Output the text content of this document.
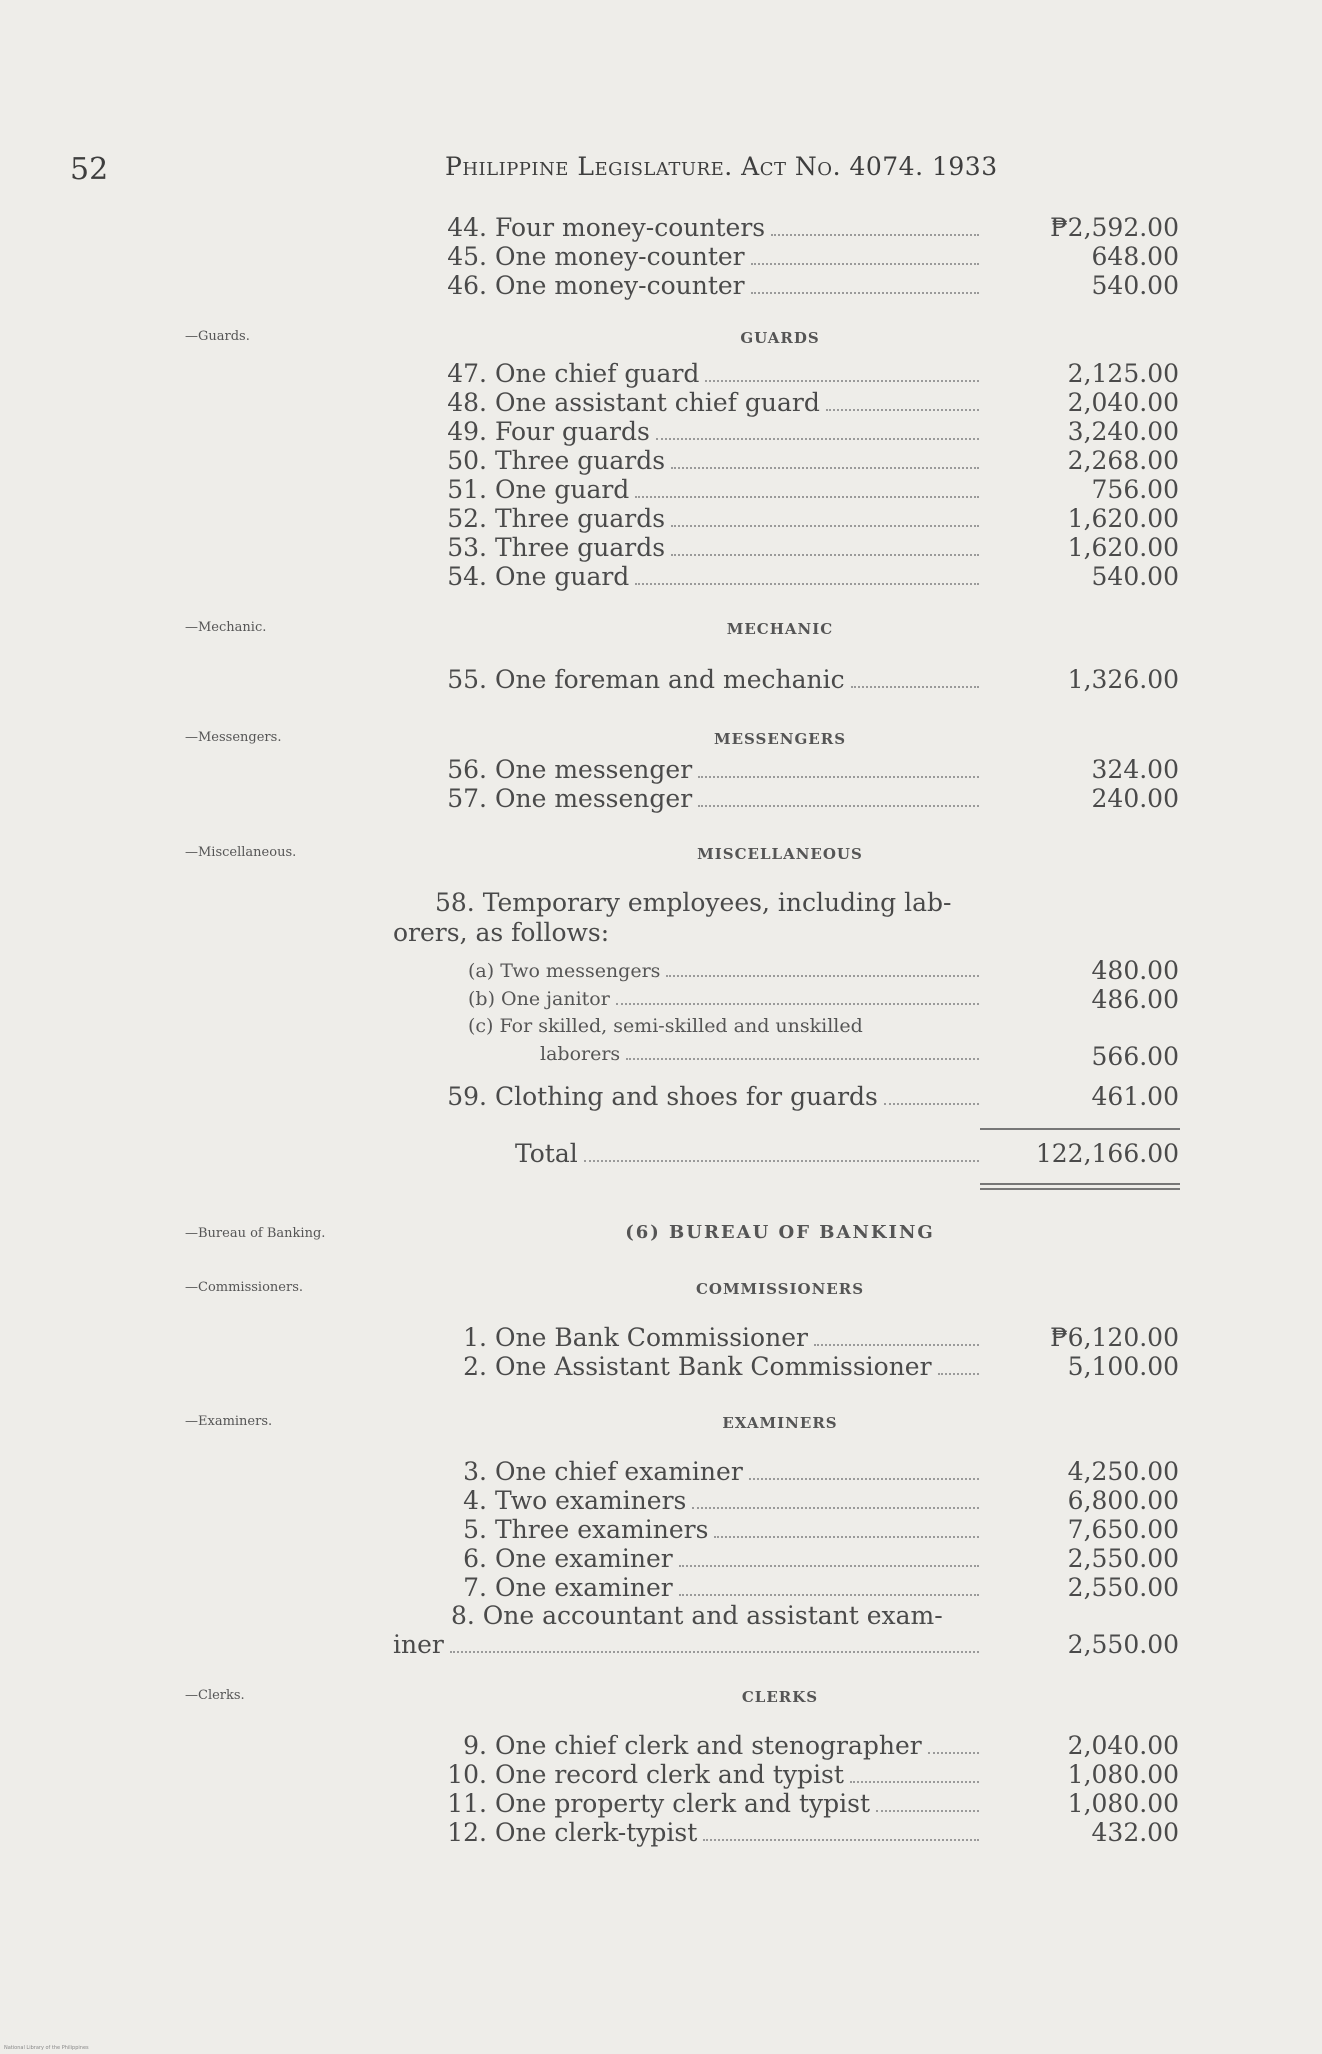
52	Philippine Legislature. Act No. 4074. 1933
44. Four money-counters	₱2,592.00
45. One money-counter	648.00
46. One money-counter	540.00
—Guards.	GUARDS
47. One chief guard	2,125.00
48. One assistant chief guard	2,040.00
49. Four guards	3,240.00
50. Three guards	2,268.00
51. One guard	756.00
52. Three guards	1,620.00
53. Three guards	1,620.00
54. One guard	540.00
—Mechanic.	MECHANIC
55. One foreman and mechanic	1,326.00
—Messengers.	MESSENGERS
56. One messenger	324.00
57. One messenger	240.00
—Miscellaneous.	MISCELLANEOUS
58. Temporary employees, including lab-
orers, as follows:
(a) Two messengers	480.00
(b) One janitor	486.00
(c) For skilled, semi-skilled and unskilled
laborers	566.00
59. Clothing and shoes for guards	461.00
Total	122,166.00
—Bureau of Banking.	(6) BUREAU OF BANKING
—Commissioners.	COMMISSIONERS
1. One Bank Commissioner	₱6,120.00
2. One Assistant Bank Commissioner	5,100.00
—Examiners.	EXAMINERS
3. One chief examiner	4,250.00
4. Two examiners	6,800.00
5. Three examiners	7,650.00
6. One examiner	2,550.00
7. One examiner	2,550.00
8. One accountant and assistant exam-
iner	2,550.00
—Clerks.	CLERKS
9. One chief clerk and stenographer	2,040.00
10. One record clerk and typist	1,080.00
11. One property clerk and typist	1,080.00
12. One clerk-typist	432.00
National Library of the Philippines
